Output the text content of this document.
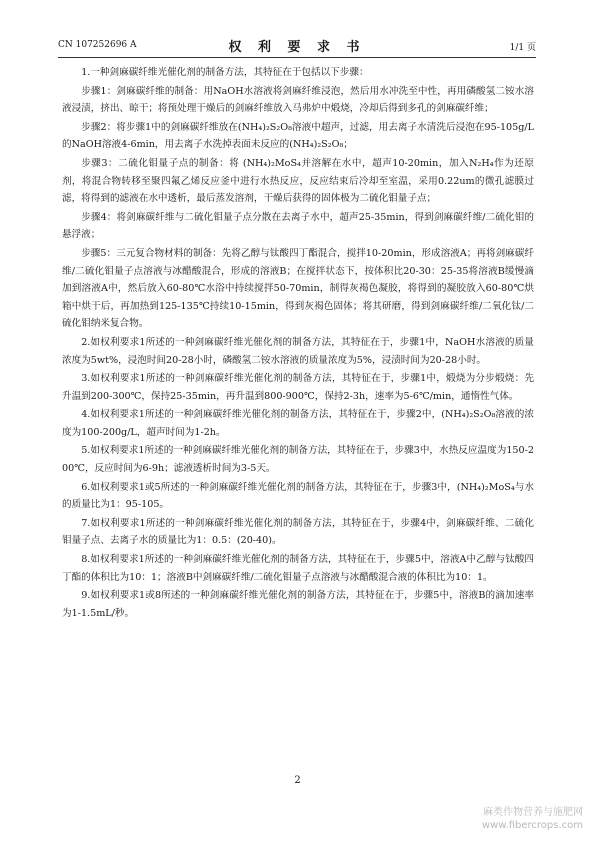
CN 107252696 A	权 利 要 求 书	1/1 页

1.一种剑麻碳纤维光催化剂的制备方法，其特征在于包括以下步骤：

步骤1：剑麻碳纤维的制备：用NaOH水溶液将剑麻纤维浸泡，然后用水冲洗至中性，再用磷酸氢二铵水溶液浸渍，挤出、晾干；将预处理干燥后的剑麻纤维放入马弗炉中煅烧，冷却后得到多孔的剑麻碳纤维；

步骤2：将步骤1中的剑麻碳纤维放在(NH₄)₂S₂O₈溶液中超声，过滤，用去离子水清洗后浸泡在95-105g/L的NaOH溶液4-6min，用去离子水洗掉表面未反应的(NH₄)₂S₂O₈；

步骤3：二硫化钼量子点的制备：将 (NH₄)₂MoS₄并溶解在水中，超声10-20min，加入N₂H₄作为还原剂，将混合物转移至聚四氟乙烯反应釜中进行水热反应，反应结束后冷却至室温，采用0.22um的微孔滤膜过滤，将得到的滤液在水中透析，最后蒸发溶剂，干燥后获得的固体极为二硫化钼量子点；

步骤4：将剑麻碳纤维与二硫化钼量子点分散在去离子水中，超声25-35min，得到剑麻碳纤维/二硫化钼的悬浮液；

步骤5：三元复合物材料的制备：先将乙醇与钛酸四丁酯混合，搅拌10-20min，形成溶液A；再将剑麻碳纤维/二硫化钼量子点溶液与冰醋酸混合，形成的溶液B；在搅拌状态下，按体积比20-30：25-35将溶液B缓慢滴加到溶液A中，然后放入60-80℃水浴中持续搅拌50-70min，制得灰褐色凝胶，将得到的凝胶放入60-80℃烘箱中烘干后，再加热到125-135℃持续10-15min，得到灰褐色固体；将其研磨，得到剑麻碳纤维/二氧化钛/二硫化钼纳米复合物。

2.如权利要求1所述的一种剑麻碳纤维光催化剂的制备方法，其特征在于，步骤1中，NaOH水溶液的质量浓度为5wt%，浸泡时间20-28小时，磷酸氢二铵水溶液的质量浓度为5%，浸渍时间为20-28小时。

3.如权利要求1所述的一种剑麻碳纤维光催化剂的制备方法，其特征在于，步骤1中，煅烧为分步煅烧：先升温到200-300℃，保持25-35min，再升温到800-900℃，保持2-3h，速率为5-6℃/min，通惰性气体。

4.如权利要求1所述的一种剑麻碳纤维光催化剂的制备方法，其特征在于，步骤2中，(NH₄)₂S₂O₈溶液的浓度为100-200g/L，超声时间为1-2h。

5.如权利要求1所述的一种剑麻碳纤维光催化剂的制备方法，其特征在于，步骤3中，水热反应温度为150-200℃，反应时间为6-9h；滤液透析时间为3-5天。

6.如权利要求1或5所述的一种剑麻碳纤维光催化剂的制备方法，其特征在于，步骤3中，(NH₄)₂MoS₄与水的质量比为1：95-105。

7.如权利要求1所述的一种剑麻碳纤维光催化剂的制备方法，其特征在于，步骤4中，剑麻碳纤维、二硫化钼量子点、去离子水的质量比为1：0.5：(20-40)。

8.如权利要求1所述的一种剑麻碳纤维光催化剂的制备方法，其特征在于，步骤5中，溶液A中乙醇与钛酸四丁酯的体积比为10：1；溶液B中剑麻碳纤维/二硫化钼量子点溶液与冰醋酸混合液的体积比为10：1。

9.如权利要求1或8所述的一种剑麻碳纤维光催化剂的制备方法，其特征在于，步骤5中，溶液B的滴加速率为1-1.5mL/秒。

2
麻类作物营养与施肥网
www.fibercrops.com
